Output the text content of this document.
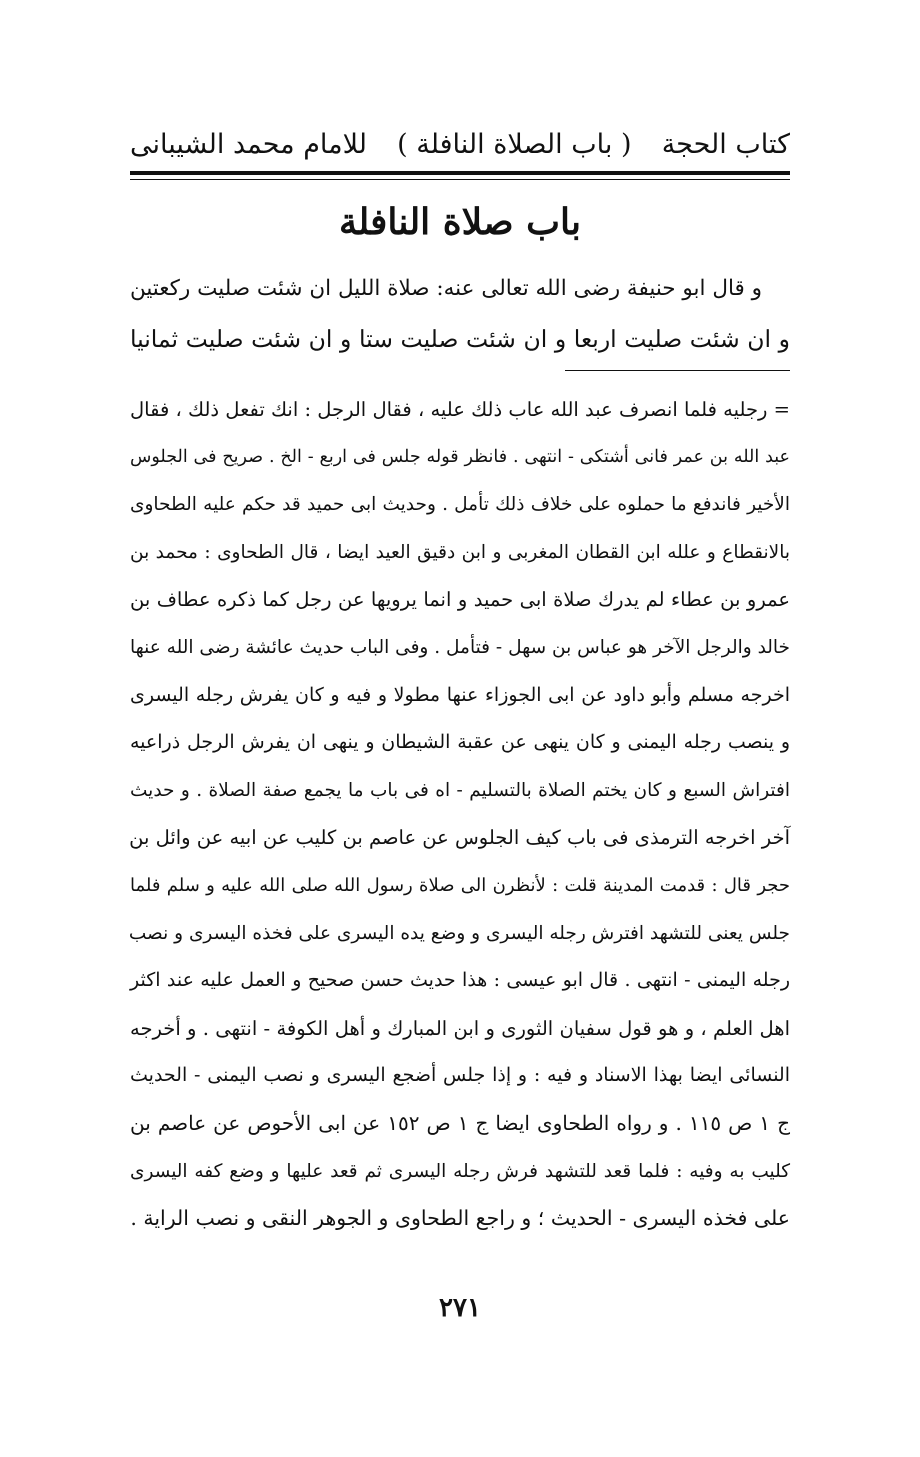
كتاب الحجة
( باب الصلاة النافلة )
للامام محمد الشيبانى
باب صلاة النافلة
و قال ابو حنيفة رضى الله تعالى عنه: صلاة الليل ان شئت صليت ركعتين
و ان شئت صليت اربعا و ان شئت صليت ستا و ان شئت صليت ثمانيا
= رجليه فلما انصرف عبد الله عاب ذلك عليه ، فقال الرجل : انك تفعل ذلك ، فقال
عبد الله بن عمر فانى أشتكى - انتهى . فانظر قوله جلس فى اربع - الخ . صريح فى الجلوس
الأخير فاندفع ما حملوه على خلاف ذلك تأمل . وحديث ابى حميد قد حكم عليه الطحاوى
بالانقطاع و علله ابن القطان المغربى و ابن دقيق العيد ايضا ، قال الطحاوى : محمد بن
عمرو بن عطاء لم يدرك صلاة ابى حميد و انما يرويها عن رجل كما ذكره عطاف بن
خالد والرجل الآخر هو عباس بن سهل - فتأمل . وفى الباب حديث عائشة رضى الله عنها
اخرجه مسلم وأبو داود عن ابى الجوزاء عنها مطولا و فيه و كان يفرش رجله اليسرى
و ينصب رجله اليمنى و كان ينهى عن عقبة الشيطان و ينهى ان يفرش الرجل ذراعيه
افتراش السبع و كان يختم الصلاة بالتسليم - اه فى باب ما يجمع صفة الصلاة . و حديث
آخر اخرجه الترمذى فى باب كيف الجلوس عن عاصم بن كليب عن ابيه عن وائل بن
حجر قال : قدمت المدينة قلت : لأنظرن الى صلاة رسول الله صلى الله عليه و سلم فلما
جلس يعنى للتشهد افترش رجله اليسرى و وضع يده اليسرى على فخذه اليسرى و نصب
رجله اليمنى - انتهى . قال ابو عيسى : هذا حديث حسن صحيح و العمل عليه عند اكثر
اهل العلم ، و هو قول سفيان الثورى و ابن المبارك و أهل الكوفة - انتهى . و أخرجه
النسائى ايضا بهذا الاسناد و فيه : و إذا جلس أضجع اليسرى و نصب اليمنى - الحديث
ج ١ ص ١١٥ . و رواه الطحاوى ايضا ج ١ ص ١٥٢ عن ابى الأحوص عن عاصم بن
كليب به وفيه : فلما قعد للتشهد فرش رجله اليسرى ثم قعد عليها و وضع كفه اليسرى
على فخذه اليسرى - الحديث ؛ و راجع الطحاوى و الجوهر النقى و نصب الراية .
٢٧١
